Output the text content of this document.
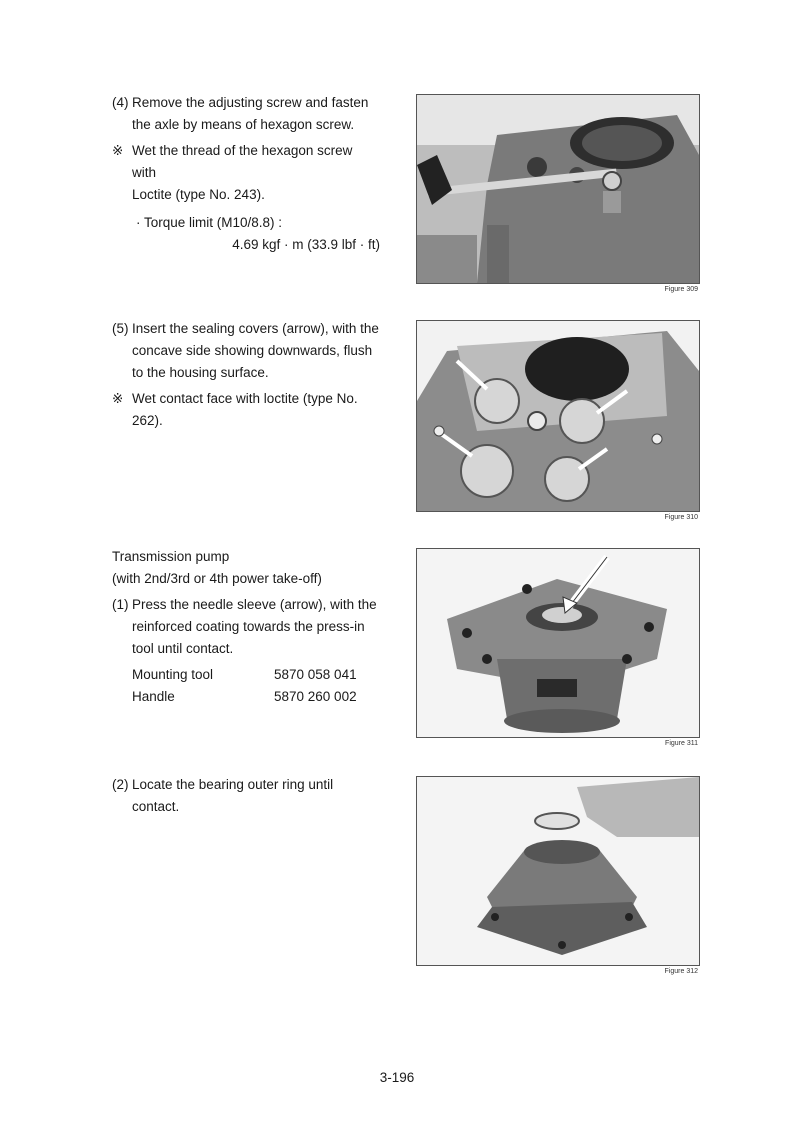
(4) Remove the adjusting screw and fasten
the axle by means of hexagon screw.
※ Wet the thread of the hexagon screw with
Loctite (type No. 243).
· Torque limit (M10/8.8) :
4.69 kgf · m (33.9 lbf · ft)
Figure 309
(5) Insert the sealing covers (arrow), with the
concave side showing downwards, flush
to the housing surface.
※ Wet contact face with loctite (type No.
262).
Figure 310
Transmission pump
(with 2nd/3rd or 4th power take-off)
(1) Press the needle sleeve (arrow), with the
reinforced coating towards the press-in
tool until contact.
Mounting tool	5870 058 041
Handle	5870 260 002
Figure 311
(2) Locate the bearing outer ring until contact.
Figure 312
3-196
